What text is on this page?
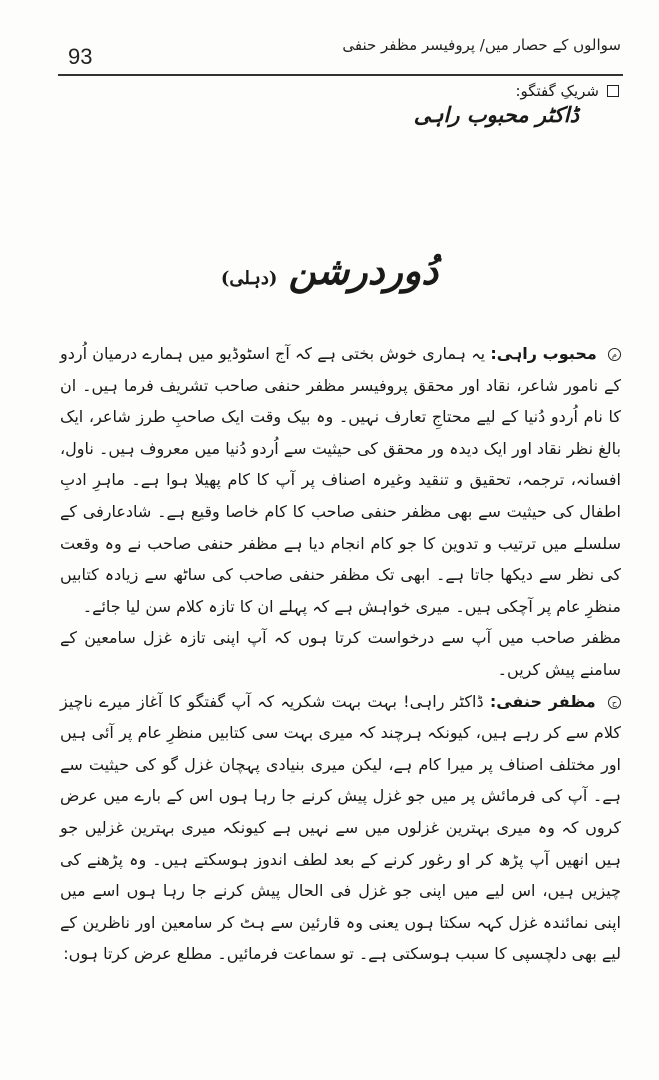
93	سوالوں کے حصار میں/ پروفیسر مظفر حنفی
شریکِ گفتگو:
ڈاکٹر محبوب راہی
دُوردرشن (دہلی)

م محبوب راہی: یہ ہماری خوش بختی ہے کہ آج اسٹوڈیو میں ہمارے درمیان اُردو کے نامور شاعر، نقاد اور محقق پروفیسر مظفر حنفی صاحب تشریف فرما ہیں۔ ان کا نام اُردو دُنیا کے لیے محتاجِ تعارف نہیں۔ وہ بیک وقت ایک صاحبِ طرز شاعر، ایک بالغ نظر نقاد اور ایک دیدہ ور محقق کی حیثیت سے اُردو دُنیا میں معروف ہیں۔ ناول، افسانہ، ترجمہ، تحقیق و تنقید وغیرہ اصناف پر آپ کا کام پھیلا ہوا ہے۔ ماہرِ ادبِ اطفال کی حیثیت سے بھی مظفر حنفی صاحب کا کام خاصا وقیع ہے۔ شادعارفی کے سلسلے میں ترتیب و تدوین کا جو کام انجام دیا ہے مظفر حنفی صاحب نے وہ وقعت کی نظر سے دیکھا جاتا ہے۔ ابھی تک مظفر حنفی صاحب کی ساٹھ سے زیادہ کتابیں منظرِ عام پر آچکی ہیں۔ میری خواہش ہے کہ پہلے ان کا تازہ کلام سن لیا جائے۔

مظفر صاحب میں آپ سے درخواست کرتا ہوں کہ آپ اپنی تازہ غزل سامعین کے سامنے پیش کریں۔

ح مظفر حنفی: ڈاکٹر راہی! بہت بہت شکریہ کہ آپ گفتگو کا آغاز میرے ناچیز کلام سے کر رہے ہیں، کیونکہ ہرچند کہ میری بہت سی کتابیں منظرِ عام پر آئی ہیں اور مختلف اصناف پر میرا کام ہے، لیکن میری بنیادی پہچان غزل گو کی حیثیت سے ہے۔ آپ کی فرمائش پر میں جو غزل پیش کرنے جا رہا ہوں اس کے بارے میں عرض کروں کہ وہ میری بہترین غزلوں میں سے نہیں ہے کیونکہ میری بہترین غزلیں جو ہیں انھیں آپ پڑھ کر او رغور کرنے کے بعد لطف اندوز ہوسکتے ہیں۔ وہ پڑھنے کی چیزیں ہیں، اس لیے میں اپنی جو غزل فی الحال پیش کرنے جا رہا ہوں اسے میں اپنی نمائندہ غزل کہہ سکتا ہوں یعنی وہ قارئین سے ہٹ کر سامعین اور ناظرین کے لیے بھی دلچسپی کا سبب ہوسکتی ہے۔ تو سماعت فرمائیں۔ مطلع عرض کرتا ہوں:
